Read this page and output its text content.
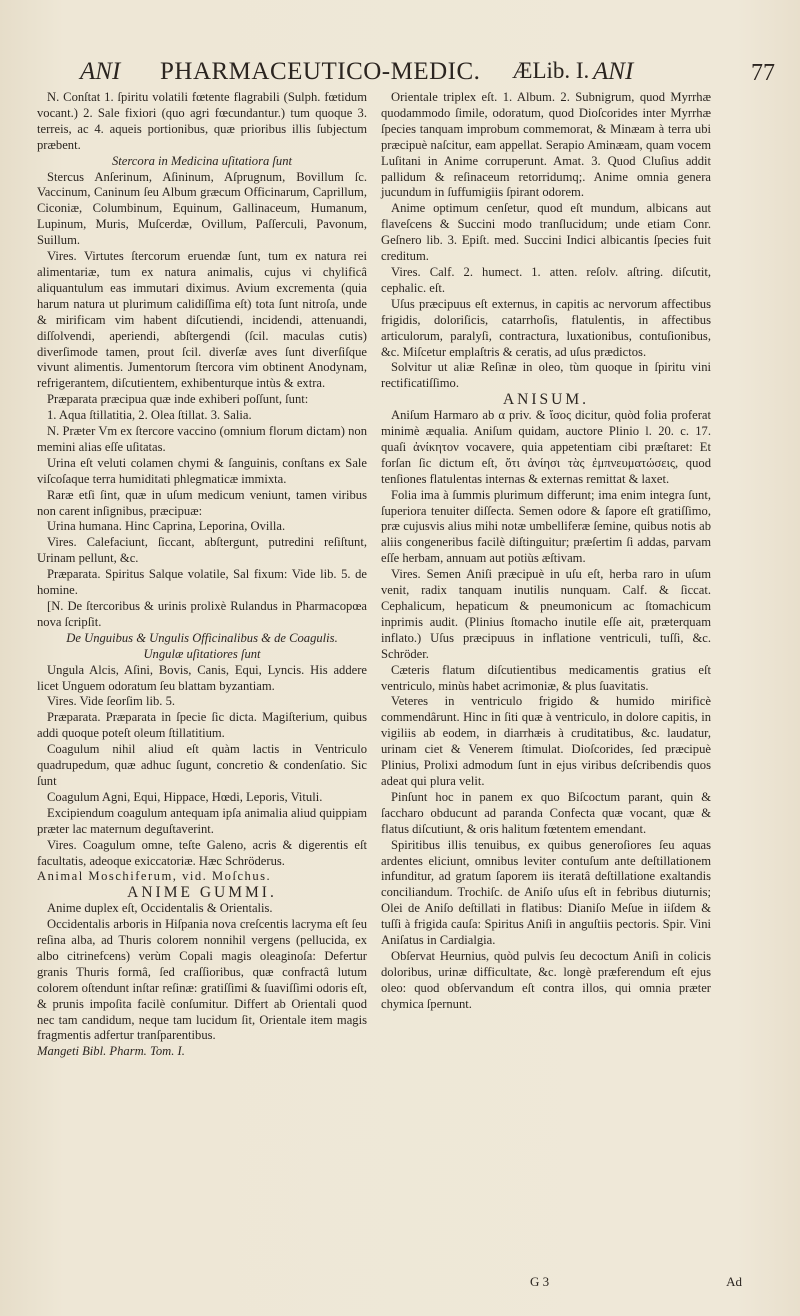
ANI PHARMACEUTICO-MEDIC. ÆLib. I. ANI	77

N. Conſtat 1. ſpiritu volatili fœtente flagrabili (Sulph. fœtidum vocant.) 2. Sale fixiori (quo agri fœcundantur.) tum quoque 3. terreis, ac 4. aqueis portionibus, quæ prioribus illis ſubjectum præbent.

Stercora in Medicina uſitatiora ſunt

Stercus Anſerinum, Aſininum, Aſprugnum, Bovillum ſc. Vaccinum, Caninum ſeu Album græcum Officinarum, Caprillum, Ciconiæ, Columbinum, Equinum, Gallinaceum, Humanum, Lupinum, Muris, Muſcerdæ, Ovillum, Paſſerculi, Pavonum, Suillum.

Vires. Virtutes ſtercorum eruendæ ſunt, tum ex natura rei alimentariæ, tum ex natura animalis, cujus vi chylificâ aliquantulum eas immutari diximus. Avium excrementa (quia harum natura ut plurimum calidiſſima eſt) tota ſunt nitroſa, unde & mirificam vim habent diſcutiendi, incidendi, attenuandi, diſſolvendi, aperiendi, abſtergendi (ſcil. maculas cutis) diverſimode tamen, prout ſcil. diverſæ aves ſunt diverſiſque vivunt alimentis. Jumentorum ſtercora vim obtinent Anodynam, refrigerantem, diſcutientem, exhibenturque intùs & extra.

Præparata præcipua quæ inde exhiberi poſſunt, ſunt:

1. Aqua ſtillatitia, 2. Olea ſtillat. 3. Salia.

N. Præter Vm ex ſtercore vaccino (omnium florum dictam) non memini alias eſſe uſitatas.

Urina eſt veluti colamen chymi & ſanguinis, conſtans ex Sale viſcoſaque terra humiditati phlegmaticæ immixta.

Raræ etſi ſint, quæ in uſum medicum veniunt, tamen viribus non carent inſignibus, præcipuæ:

Urina humana. Hinc Caprina, Leporina, Ovilla.

Vires. Calefaciunt, ſiccant, abſtergunt, putredini reſiſtunt, Urinam pellunt, &c.

Præparata. Spiritus Salque volatile, Sal fixum: Vide lib. 5. de homine.

[N. De ſtercoribus & urinis prolixè Rulandus in Pharmacopœa nova ſcripſit.

De Unguibus & Ungulis Officinalibus & de Coagulis.

Ungulæ uſitatiores ſunt

Ungula Alcis, Aſini, Bovis, Canis, Equi, Lyncis. His addere licet Unguem odoratum ſeu blattam byzantiam.

Vires. Vide ſeorſim lib. 5.

Præparata. Præparata in ſpecie ſic dicta. Magiſterium, quibus addi quoque poteſt oleum ſtillatitium.

Coagulum nihil aliud eſt quàm lactis in Ventriculo quadrupedum, quæ adhuc ſugunt, concretio & condenſatio. Sic ſunt

Coagulum Agni, Equi, Hippace, Hœdi, Leporis, Vituli.

Excipiendum coagulum antequam ipſa animalia aliud quippiam præter lac maternum deguſtaverint.

Vires. Coagulum omne, teſte Galeno, acris & digerentis eſt facultatis, adeoque exiccatoriæ. Hæc Schröderus.

Animal Moschiferum, vid. Moſchus.

ANIME GUMMI.

Anime duplex eſt, Occidentalis & Orientalis.

Occidentalis arboris in Hiſpania nova creſcentis lacryma eſt ſeu reſina alba, ad Thuris colorem nonnihil vergens (pellucida, ex albo citrinefcens) verùm Copali magis oleaginoſa: Defertur granis Thuris formâ, ſed craſſioribus, quæ confractâ lutum colorem oſtendunt inſtar reſinæ: gratiſſimi & ſuaviſſimi odoris eſt, & prunis impoſita facilè conſumitur. Differt ab Orientali quod nec tam candidum, neque tam lucidum ſit, Orientale item magis fragmentis adfertur tranſparentibus.

Mangeti Bibl. Pharm. Tom. I.

Orientale triplex eſt. 1. Album. 2. Subnigrum, quod Myrrhæ quodammodo ſimile, odoratum, quod Dioſcorides inter Myrrhæ ſpecies tanquam improbum commemorat, & Minæam à terra ubi præcipuè naſcitur, eam appellat. Serapio Aminæam, quam vocem Luſitani in Anime corruperunt. Amat. 3. Quod Cluſius addit pallidum & reſinaceum retorridumq;. Anime omnia genera jucundum in ſuffumigiis ſpirant odorem.

Anime optimum cenſetur, quod eſt mundum, albicans aut flaveſcens & Succini modo tranſlucidum; unde etiam Conr. Geſnero lib. 3. Epiſt. med. Succini Indici albicantis ſpecies fuit creditum.

Vires. Calf. 2. humect. 1. atten. reſolv. aſtring. diſcutit, cephalic. eſt.

Uſus præcipuus eſt externus, in capitis ac nervorum affectibus frigidis, doloriſicis, catarrhoſis, flatulentis, in affectibus articulorum, paralyſi, contractura, luxationibus, contuſionibus, &c. Miſcetur emplaſtris & ceratis, ad uſus prædictos.

Solvitur ut aliæ Reſinæ in oleo, tùm quoque in ſpiritu vini rectificatiſſimo.

ANISUM.

Aniſum Harmaro ab α priv. & ἴσος dicitur, quòd folia proferat minimè æqualia. Aniſum quidam, auctore Plinio l. 20. c. 17. quaſi ἀνίκητον vocavere, quia appetentiam cibi præſtaret: Et forſan ſic dictum eſt, ὅτι ἀνίησι τὰς ἐμπνευματώσεις, quod tenſiones flatulentas internas & externas remittat & laxet.

Folia ima à ſummis plurimum differunt; ima enim integra ſunt, ſuperiora tenuiter diſſecta. Semen odore & ſapore eſt gratiſſimo, præ cujusvis alius mihi notæ umbelliferæ ſemine, quibus notis ab aliis congeneribus facilè diſtinguitur; præſertim ſi addas, parvam eſſe herbam, annuam aut potiùs æſtivam.

Vires. Semen Aniſi præcipuè in uſu eſt, herba raro in uſum venit, radix tanquam inutilis nunquam. Calf. & ſiccat. Cephalicum, hepaticum & pneumonicum ac ſtomachicum inprimis audit. (Plinius ſtomacho inutile eſſe ait, præterquam inflato.) Uſus præcipuus in inflatione ventriculi, tuſſi, &c. Schröder.

Cæteris flatum diſcutientibus medicamentis gratius eſt ventriculo, minùs habet acrimoniæ, & plus ſuavitatis.

Veteres in ventriculo frigido & humido mirificè commendârunt. Hinc in ſiti quæ à ventriculo, in dolore capitis, in vigiliis ab eodem, in diarrhæis à cruditatibus, &c. laudatur, urinam ciet & Venerem ſtimulat. Dioſcorides, ſed præcipuè Plinius, Prolixi admodum ſunt in ejus viribus deſcribendis quos adeat qui plura velit.

Pinſunt hoc in panem ex quo Biſcoctum parant, quin & ſaccharo obducunt ad paranda Confecta quæ vocant, quæ & flatus diſcutiunt, & oris halitum fœtentem emendant.

Spiritibus illis tenuibus, ex quibus generoſiores ſeu aquas ardentes eliciunt, omnibus leviter contuſum ante deſtillationem infunditur, ad gratum ſaporem iis iteratâ deſtillatione exaltandis conciliandum. Trochiſc. de Aniſo uſus eſt in febribus diuturnis; Olei de Aniſo deſtillati in flatibus: Dianiſo Meſue in iiſdem & tuſſi à frigida cauſa: Spiritus Aniſi in anguſtiis pectoris. Spir. Vini Aniſatus in Cardialgia.

Obſervat Heurnius, quòd pulvis ſeu decoctum Aniſi in colicis doloribus, urinæ difficultate, &c. longè præferendum eſt ejus oleo: quod obſervandum eſt contra illos, qui omnia præter chymica ſpernunt.

G 3	Ad
